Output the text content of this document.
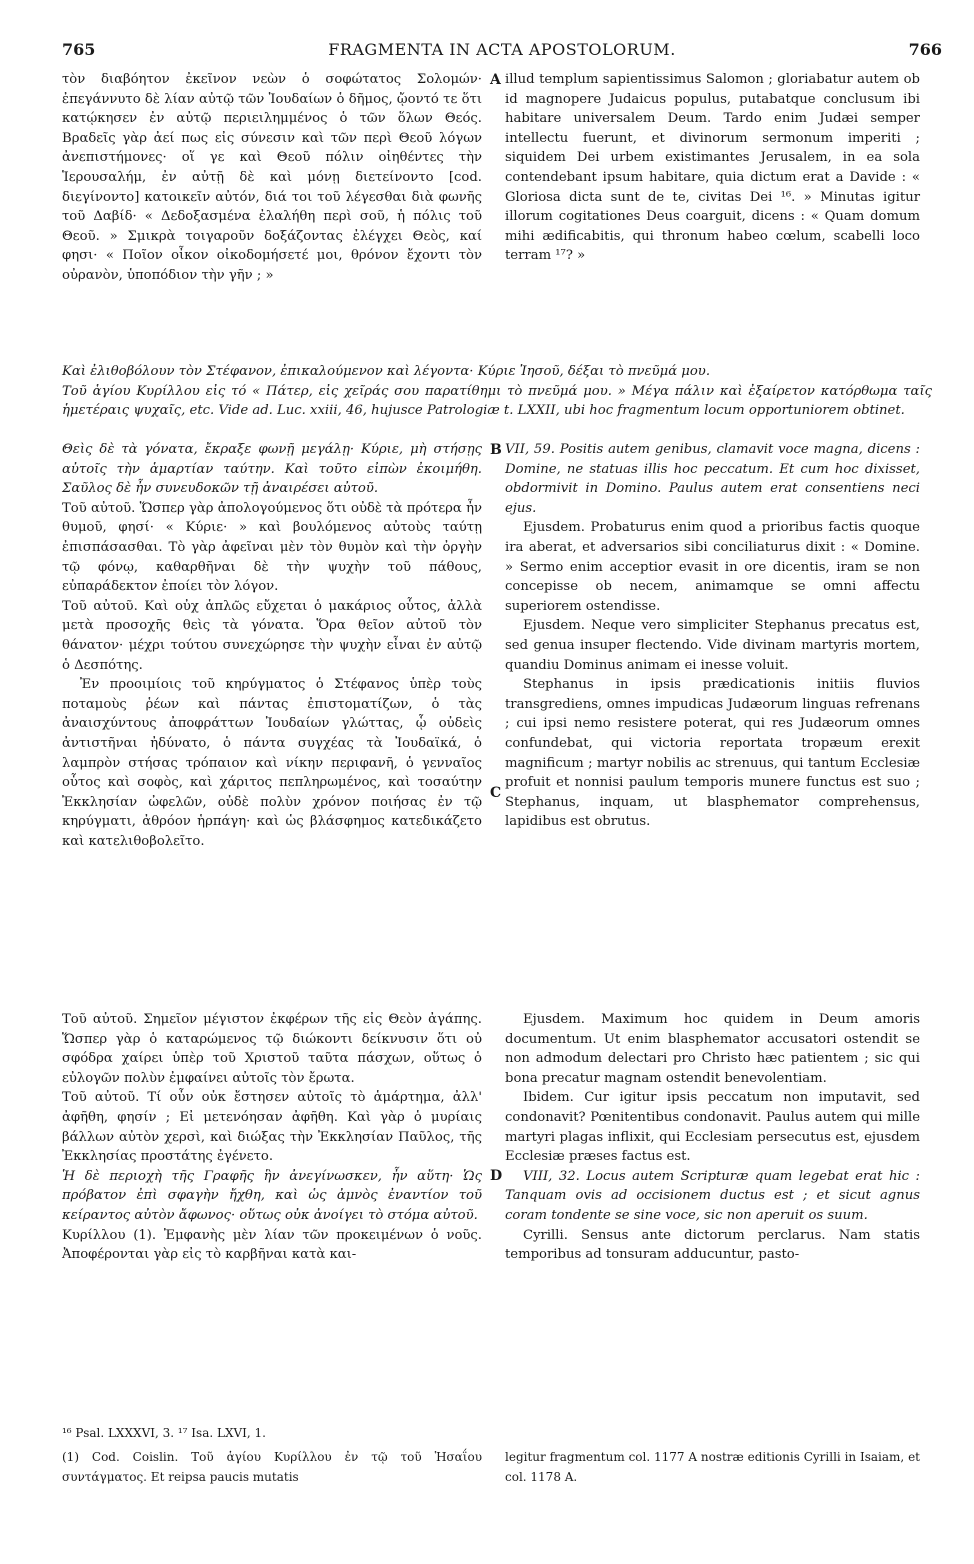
765	FRAGMENTA IN ACTA APOSTOLORUM.	766
τὸν διαβόητον ἐκεῖνον νεὼν ὁ σοφώτατος Σολομών· ἐπεγάννυτο δὲ λίαν αὐτῷ τῶν Ἰουδαίων ὁ δῆμος, ᾤοντό τε ὅτι κατῴκησεν ἐν αὐτῷ περιειλημμένος ὁ τῶν ὅλων Θεός. Βραδεῖς γὰρ ἀεί πως εἰς σύνεσιν καὶ τῶν περὶ Θεοῦ λόγων ἀνεπιστήμονες· οἵ γε καὶ Θεοῦ πόλιν οἰηθέντες τὴν Ἱερουσαλήμ, ἐν αὐτῇ δὲ καὶ μόνῃ διετείνοντο [cod. διεγίνοντο] κατοικεῖν αὐτόν, διά τοι τοῦ λέγεσθαι διὰ φωνῆς τοῦ Δαβίδ· « Δεδοξασμένα ἐλαλήθη περὶ σοῦ, ἡ πόλις τοῦ Θεοῦ. » Σμικρὰ τοιγαροῦν δοξάζοντας ἐλέγχει Θεὸς, καί φησι· « Ποῖον οἶκον οἰκοδομήσετέ μοι, θρόνον ἔχοντι τὸν οὐρανὸν, ὑποπόδιον τὴν γῆν ; »
A illud templum sapientissimus Salomon ; gloriabatur autem ob id magnopere Judaicus populus, putabatque conclusum ibi habitare universalem Deum. Tardo enim Judæi semper intellectu fuerunt, et divinorum sermonum imperiti ; siquidem Dei urbem existimantes Jerusalem, in ea sola contendebant ipsum habitare, quia dictum erat a Davide : « Gloriosa dicta sunt de te, civitas Dei ¹⁶. » Minutas igitur illorum cogitationes Deus coarguit, dicens : « Quam domum mihi ædificabitis, qui thronum habeo cœlum, scabelli loco terram ¹⁷? »

Καὶ ἐλιθοβόλουν τὸν Στέφανον, ἐπικαλούμενον καὶ λέγοντα· Κύριε Ἰησοῦ, δέξαι τὸ πνεῦμά μου.

Τοῦ ἁγίου Κυρίλλου εἰς τό « Πάτερ, εἰς χεῖράς σου παρατίθημι τὸ πνεῦμά μου. » Μέγα πάλιν καὶ ἐξαίρετον κατόρθωμα ταῖς ἡμετέραις ψυχαῖς, etc. Vide ad. Luc. xxiii, 46, hujusce Patrologiæ t. LXXII, ubi hoc fragmentum locum opportuniorem obtinet.

Θεὶς δὲ τὰ γόνατα, ἔκραξε φωνῇ μεγάλῃ· Κύριε, μὴ στήσῃς αὐτοῖς τὴν ἁμαρτίαν ταύτην. Καὶ τοῦτο εἰπὼν ἐκοιμήθη. Σαῦλος δὲ ἦν συνευδοκῶν τῇ ἀναιρέσει αὐτοῦ.

Τοῦ αὐτοῦ. Ὥσπερ γὰρ ἀπολογούμενος ὅτι οὐδὲ τὰ πρότερα ἦν θυμοῦ, φησί· « Κύριε· » καὶ βουλόμενος αὐτοὺς ταύτῃ ἐπισπάσασθαι. Τὸ γὰρ ἀφεῖναι μὲν τὸν θυμὸν καὶ τὴν ὀργὴν τῷ φόνῳ, καθαρθῆναι δὲ τὴν ψυχὴν τοῦ πάθους, εὐπαράδεκτον ἐποίει τὸν λόγον.

Τοῦ αὐτοῦ. Καὶ οὐχ ἁπλῶς εὔχεται ὁ μακάριος οὗτος, ἀλλὰ μετὰ προσοχῆς θεὶς τὰ γόνατα. Ὅρα θεῖον αὐτοῦ τὸν θάνατον· μέχρι τούτου συνεχώρησε τὴν ψυχὴν εἶναι ἐν αὐτῷ ὁ Δεσπότης.

Ἐν προοιμίοις τοῦ κηρύγματος ὁ Στέφανος ὑπὲρ τοὺς ποταμοὺς ῥέων καὶ πάντας ἐπιστοματίζων, ὁ τὰς ἀναισχύντους ἀποφράττων Ἰουδαίων γλώττας, ᾧ οὐδεὶς ἀντιστῆναι ἠδύνατο, ὁ πάντα συγχέας τὰ Ἰουδαϊκά, ὁ λαμπρὸν στήσας τρόπαιον καὶ νίκην περιφανῆ, ὁ γενναῖος οὗτος καὶ σοφὸς, καὶ χάριτος πεπληρωμένος, καὶ τοσαύτην Ἐκκλησίαν ὠφελῶν, οὐδὲ πολὺν χρόνον ποιήσας ἐν τῷ κηρύγματι, ἀθρόον ἡρπάγη· καὶ ὡς βλάσφημος κατεδικάζετο καὶ κατελιθοβολεῖτο.

B
C

VII, 59. Positis autem genibus, clamavit voce magna, dicens : Domine, ne statuas illis hoc peccatum. Et cum hoc dixisset, obdormivit in Domino. Paulus autem erat consentiens neci ejus.

Ejusdem. Probaturus enim quod a prioribus factis quoque ira aberat, et adversarios sibi conciliaturus dixit : « Domine. » Sermo enim acceptior evasit in ore dicentis, iram se non concepisse ob necem, animamque se omni affectu superiorem ostendisse.

Ejusdem. Neque vero simpliciter Stephanus precatus est, sed genua insuper flectendo. Vide divinam martyris mortem, quandiu Dominus animam ei inesse voluit.

Stephanus in ipsis prædicationis initiis fluvios transgrediens, omnes impudicas Judæorum linguas refrenans ; cui ipsi nemo resistere poterat, qui res Judæorum omnes confundebat, qui victoria reportata tropæum erexit magnificum ; martyr nobilis ac strenuus, qui tantum Ecclesiæ profuit et nonnisi paulum temporis munere functus est suo ; Stephanus, inquam, ut blasphemator comprehensus, lapidibus est obrutus.

Τοῦ αὐτοῦ. Σημεῖον μέγιστον ἐκφέρων τῆς εἰς Θεὸν ἀγάπης. Ὥσπερ γὰρ ὁ καταρώμενος τῷ διώκοντι δείκνυσιν ὅτι οὐ σφόδρα χαίρει ὑπὲρ τοῦ Χριστοῦ ταῦτα πάσχων, οὕτως ὁ εὐλογῶν πολὺν ἐμφαίνει αὐτοῖς τὸν ἔρωτα.

Τοῦ αὐτοῦ. Τί οὖν οὐκ ἔστησεν αὐτοῖς τὸ ἁμάρτημα, ἀλλ' ἀφῆθη, φησίν ; Εἰ μετενόησαν ἀφῆθη. Καὶ γὰρ ὁ μυρίαις βάλλων αὐτὸν χερσὶ, καὶ διώξας τὴν Ἐκκλησίαν Παῦλος, τῆς Ἐκκλησίας προστάτης ἐγένετο.

Ἡ δὲ περιοχὴ τῆς Γραφῆς ἣν ἀνεγίνωσκεν, ἦν αὕτη· Ὡς πρόβατον ἐπὶ σφαγὴν ἤχθη, καὶ ὡς ἀμνὸς ἐναντίον τοῦ κείραντος αὐτὸν ἄφωνος· οὕτως οὐκ ἀνοίγει τὸ στόμα αὐτοῦ.

Κυρίλλου (1). Ἐμφανὴς μὲν λίαν τῶν προκειμένων ὁ νοῦς. Ἀποφέρονται γὰρ εἰς τὸ καρβῆναι κατὰ και-

D

Ejusdem. Maximum hoc quidem in Deum amoris documentum. Ut enim blasphemator accusatori ostendit se non admodum delectari pro Christo hæc patientem ; sic qui bona precatur magnam ostendit benevolentiam.

Ibidem. Cur igitur ipsis peccatum non imputavit, sed condonavit? Pœnitentibus condonavit. Paulus autem qui mille martyri plagas inflixit, qui Ecclesiam persecutus est, ejusdem Ecclesiæ præses factus est.

VIII, 32. Locus autem Scripturæ quam legebat erat hic : Tanquam ovis ad occisionem ductus est ; et sicut agnus coram tondente se sine voce, sic non aperuit os suum.

Cyrilli. Sensus ante dictorum perclarus. Nam statis temporibus ad tonsuram adducuntur, pasto-

¹⁶ Psal. LXXXVI, 3. ¹⁷ Isa. LXVI, 1.
(1) Cod. Coislin. Τοῦ ἁγίου Κυρίλλου ἐν τῷ τοῦ Ἡσαΐου συντάγματος. Et reipsa paucis mutatis
legitur fragmentum col. 1177 A nostræ editionis Cyrilli in Isaiam, et col. 1178 A.
